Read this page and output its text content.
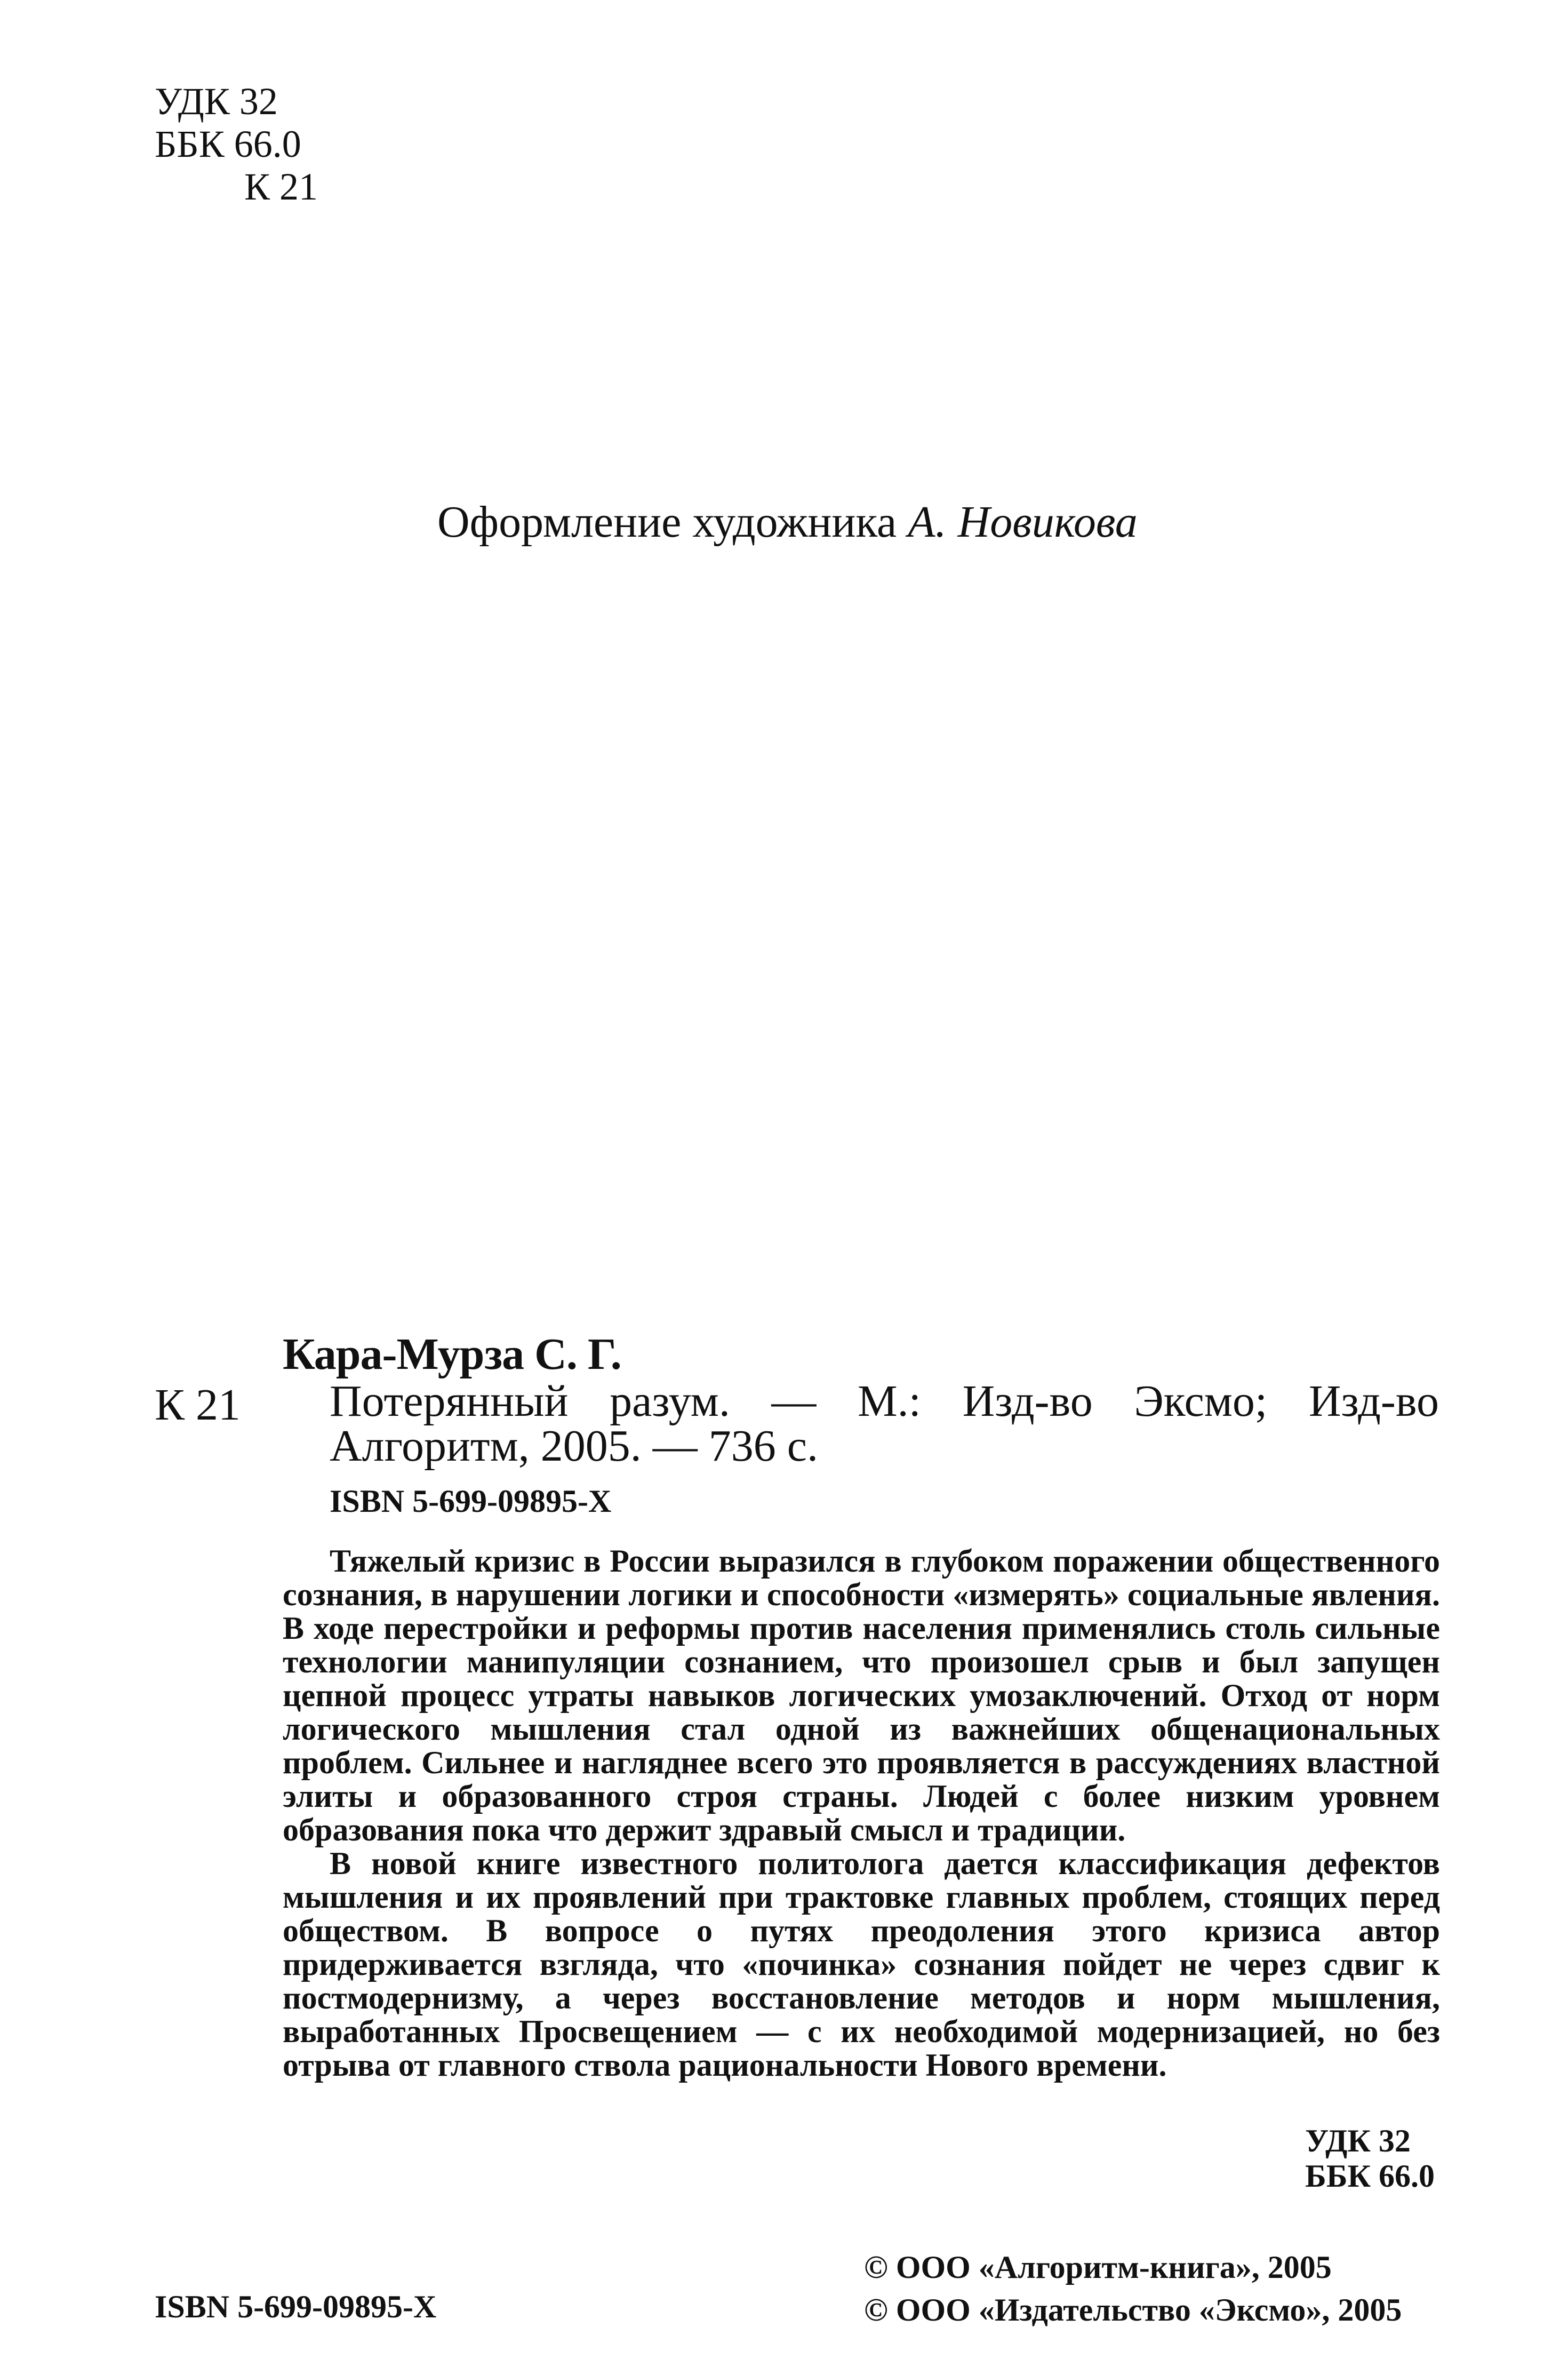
УДК 32
ББК 66.0
К 21
Оформление художника А. Новикова
Кара-Мурза С. Г.
К 21 Потерянный разум. — М.: Изд-во Эксмо; Изд-во Алгоритм, 2005. — 736 с.
ISBN 5-699-09895-X

Тяжелый кризис в России выразился в глубоком поражении общественного сознания, в нарушении логики и способности «измерять» социальные явления. В ходе перестройки и реформы против населения применялись столь сильные технологии манипуляции сознанием, что произошел срыв и был запущен цепной процесс утраты навыков логических умозаключений. Отход от норм логического мышления стал одной из важнейших общенациональных проблем. Сильнее и нагляднее всего это проявляется в рассуждениях властной элиты и образованного строя страны. Людей с более низким уровнем образования пока что держит здравый смысл и традиции.

В новой книге известного политолога дается классификация дефектов мышления и их проявлений при трактовке главных проблем, стоящих перед обществом. В вопросе о путях преодоления этого кризиса автор придерживается взгляда, что «починка» сознания пойдет не через сдвиг к постмодернизму, а через восстановление методов и норм мышления, выработанных Просвещением — с их необходимой модернизацией, но без отрыва от главного ствола рациональности Нового времени.

УДК 32
ББК 66.0
ISBN 5-699-09895-X
© ООО «Алгоритм-книга», 2005
© ООО «Издательство «Эксмо», 2005
